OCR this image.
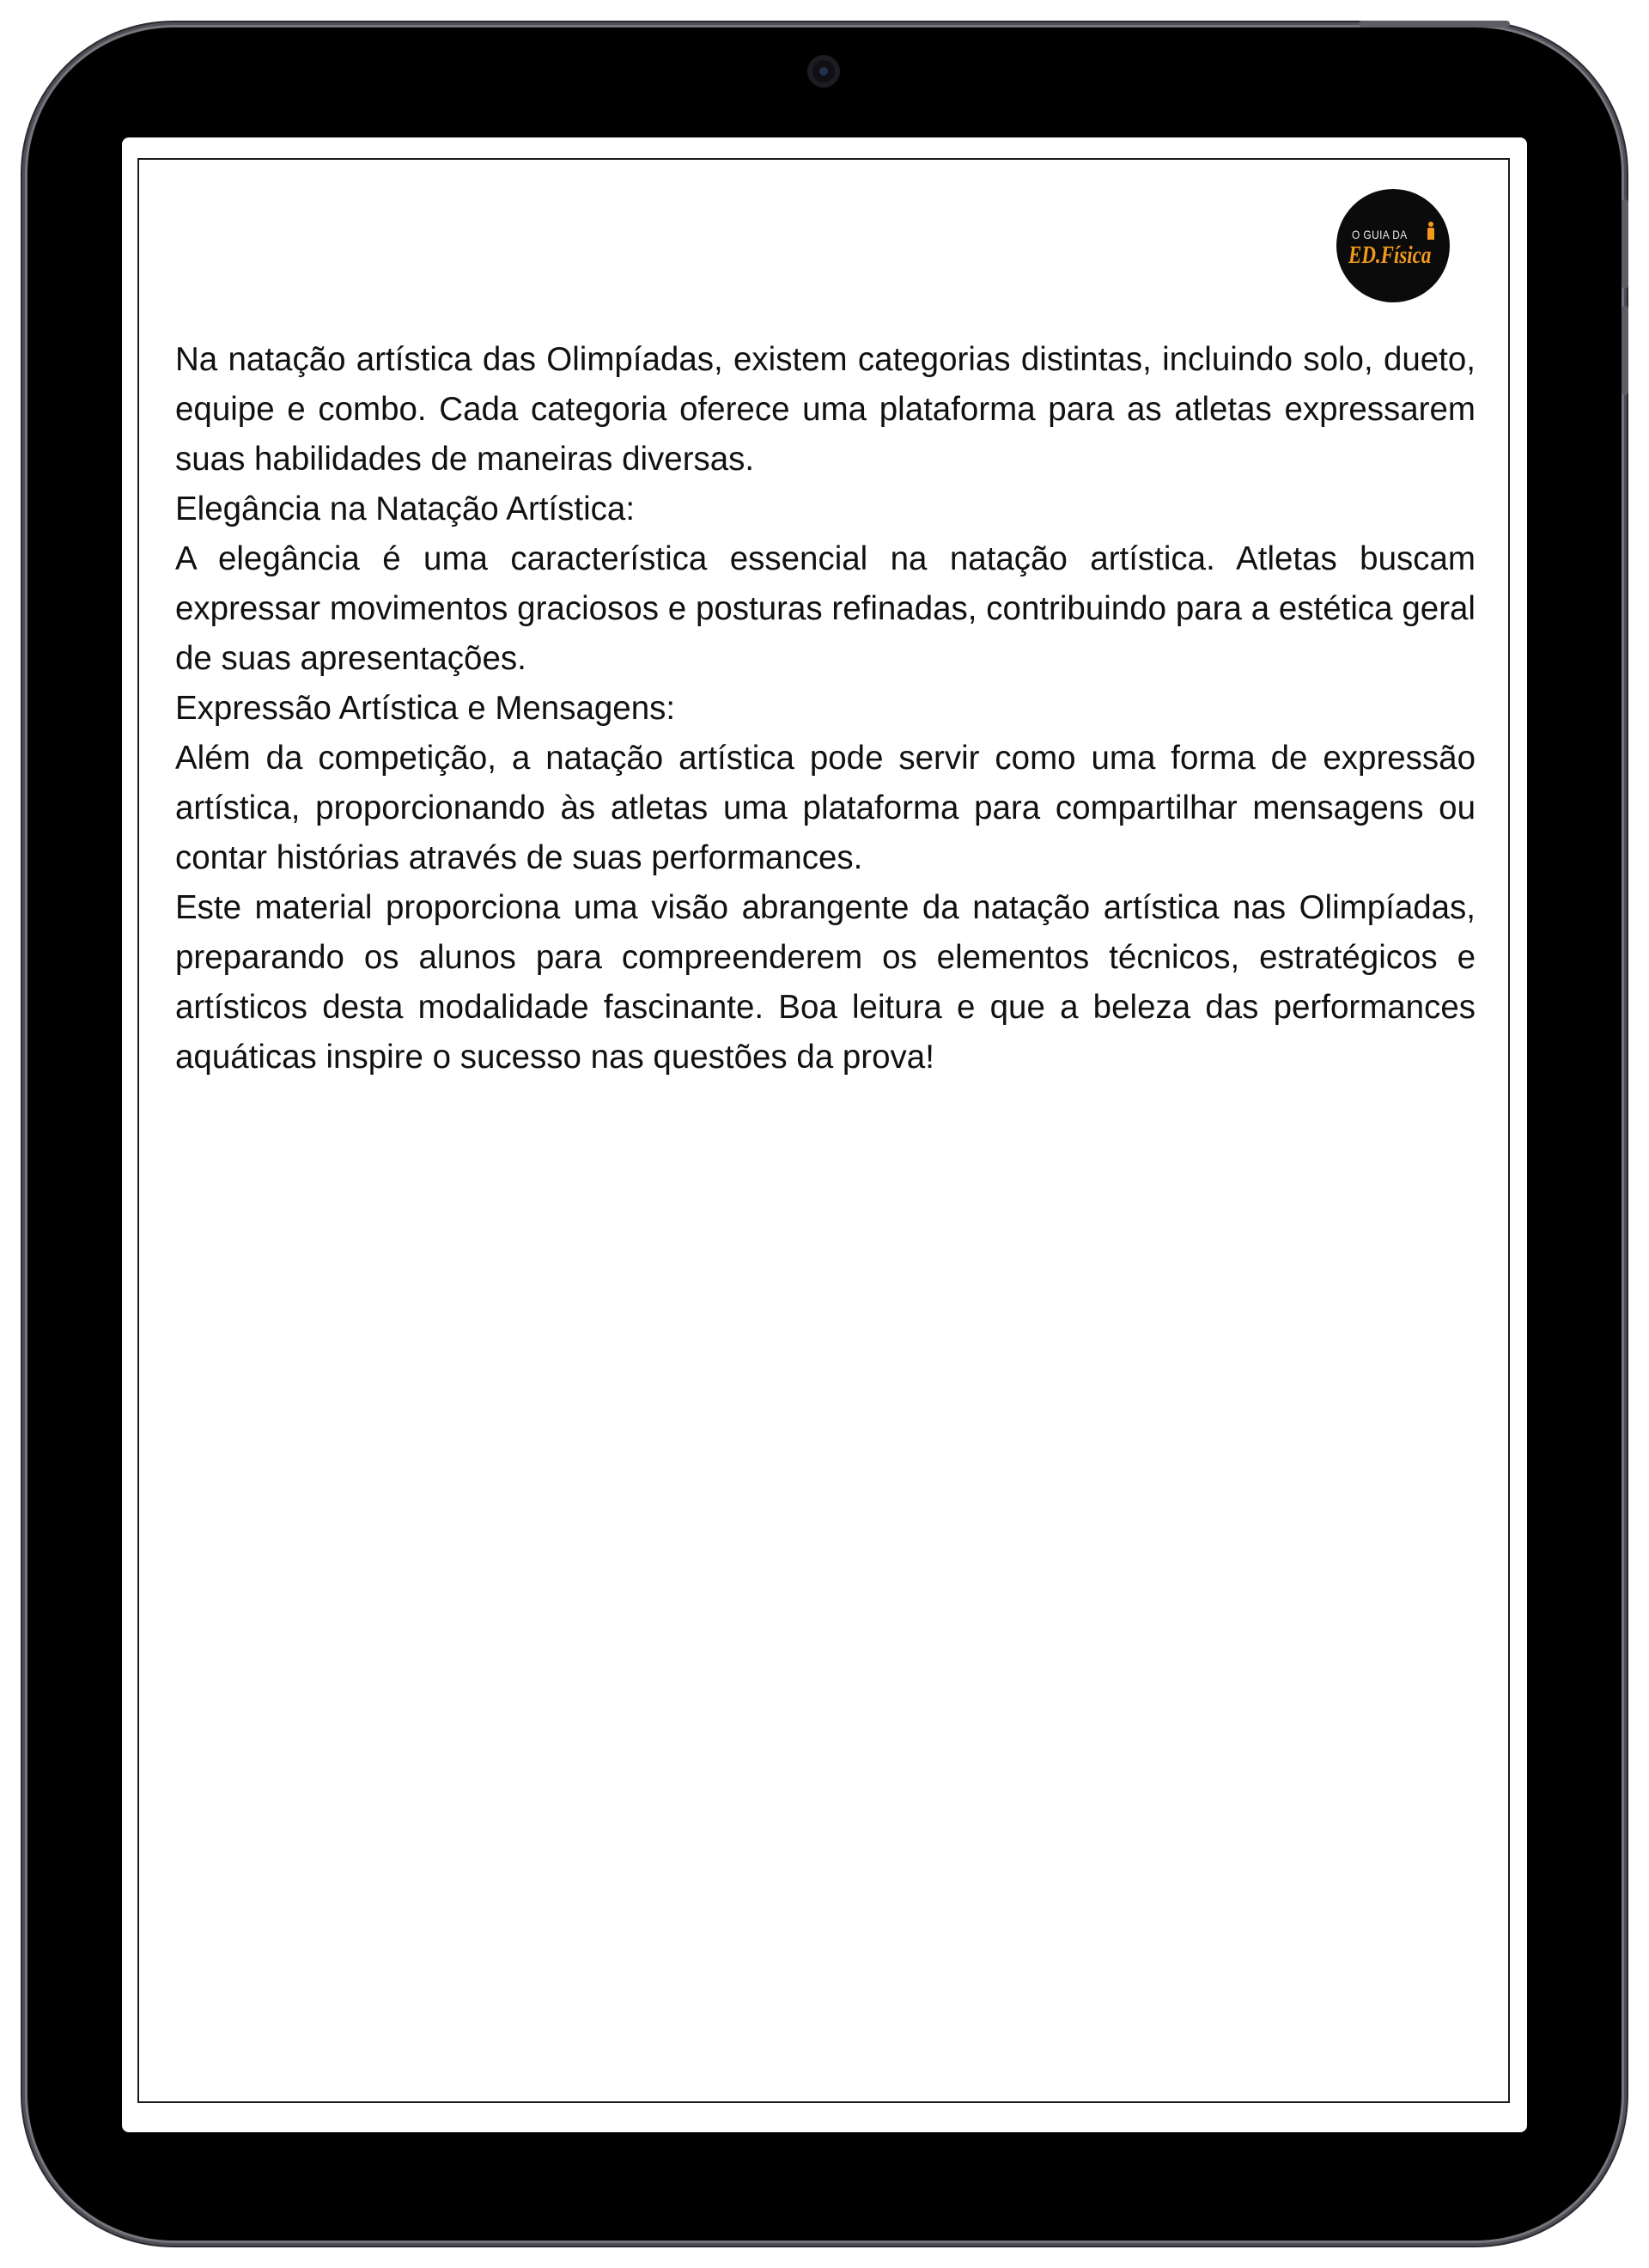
O GUIA DA
ED.Física

Na natação artística das Olimpíadas, existem categorias distintas, incluindo solo, dueto, equipe e combo. Cada categoria oferece uma plataforma para as atletas expressarem suas habilidades de maneiras diversas.

Elegância na Natação Artística:

A elegância é uma característica essencial na natação artística. Atletas buscam expressar movimentos graciosos e posturas refinadas, contribuindo para a estética geral de suas apresentações.

Expressão Artística e Mensagens:

Além da competição, a natação artística pode servir como uma forma de expressão artística, proporcionando às atletas uma plataforma para compartilhar mensagens ou contar histórias através de suas performances.

Este material proporciona uma visão abrangente da natação artística nas Olimpíadas, preparando os alunos para compreenderem os elementos técnicos, estratégicos e artísticos desta modalidade fascinante. Boa leitura e que a beleza das performances aquáticas inspire o sucesso nas questões da prova!
